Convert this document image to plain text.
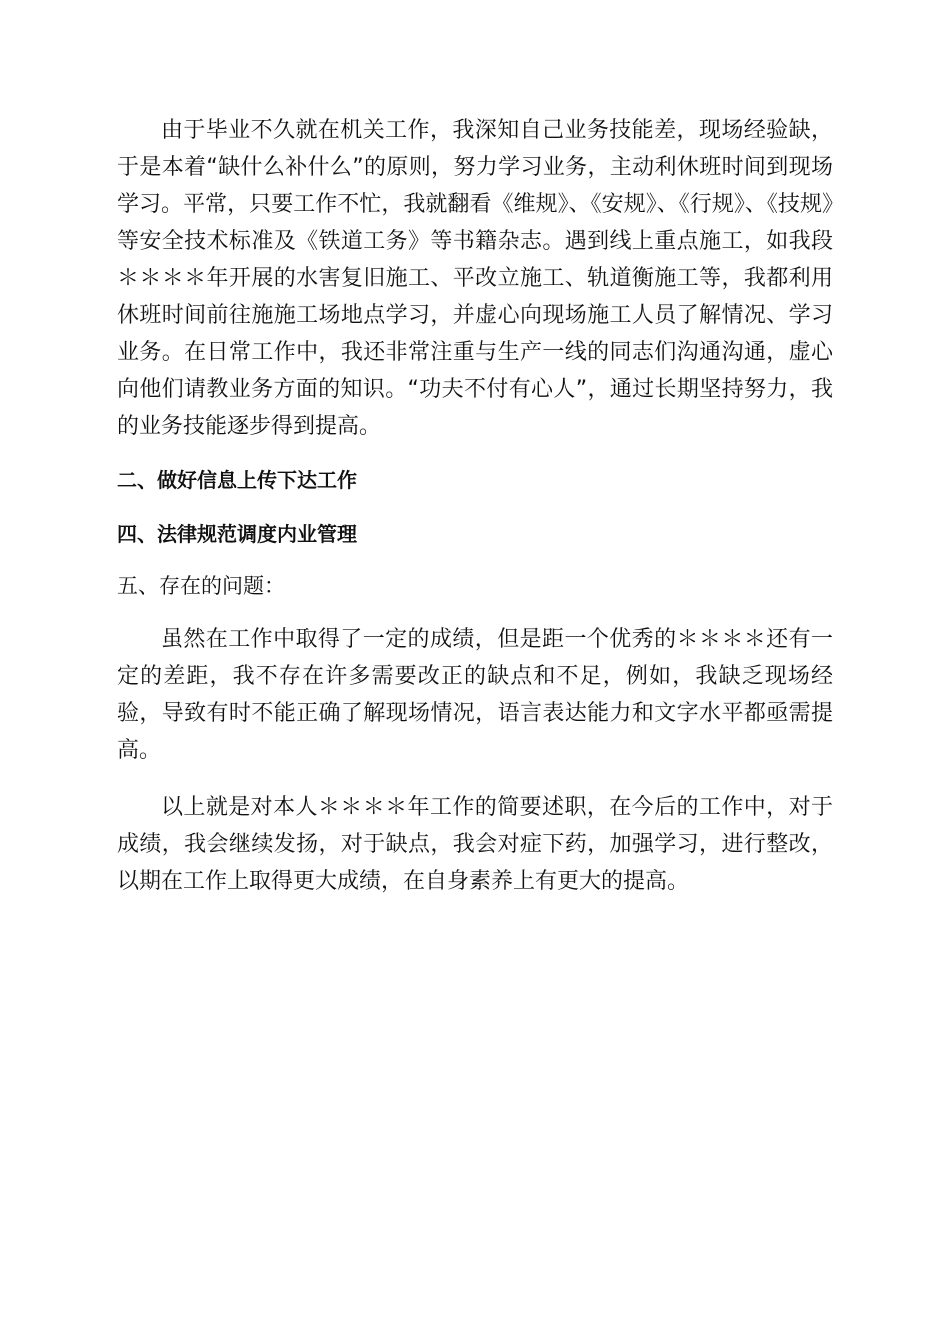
由于毕业不久就在机关工作，我深知自己业务技能差，现场经验缺，于是本着“缺什么补什么”的原则，努力学习业务，主动利休班时间到现场学习。平常，只要工作不忙，我就翻看《维规》、《安规》、《行规》、《技规》等安全技术标准及《铁道工务》等书籍杂志。遇到线上重点施工，如我段＊＊＊＊年开展的水害复旧施工、平改立施工、轨道衡施工等，我都利用休班时间前往施施工场地点学习，并虚心向现场施工人员了解情况、学习业务。在日常工作中，我还非常注重与生产一线的同志们沟通沟通，虚心向他们请教业务方面的知识。“功夫不付有心人”，通过长期坚持努力，我的业务技能逐步得到提高。

二、做好信息上传下达工作

四、法律规范调度内业管理

五、存在的问题：

虽然在工作中取得了一定的成绩，但是距一个优秀的＊＊＊＊还有一定的差距，我不存在许多需要改正的缺点和不足，例如，我缺乏现场经验，导致有时不能正确了解现场情况，语言表达能力和文字水平都亟需提高。

以上就是对本人＊＊＊＊年工作的简要述职，在今后的工作中，对于成绩，我会继续发扬，对于缺点，我会对症下药，加强学习，进行整改，以期在工作上取得更大成绩，在自身素养上有更大的提高。
